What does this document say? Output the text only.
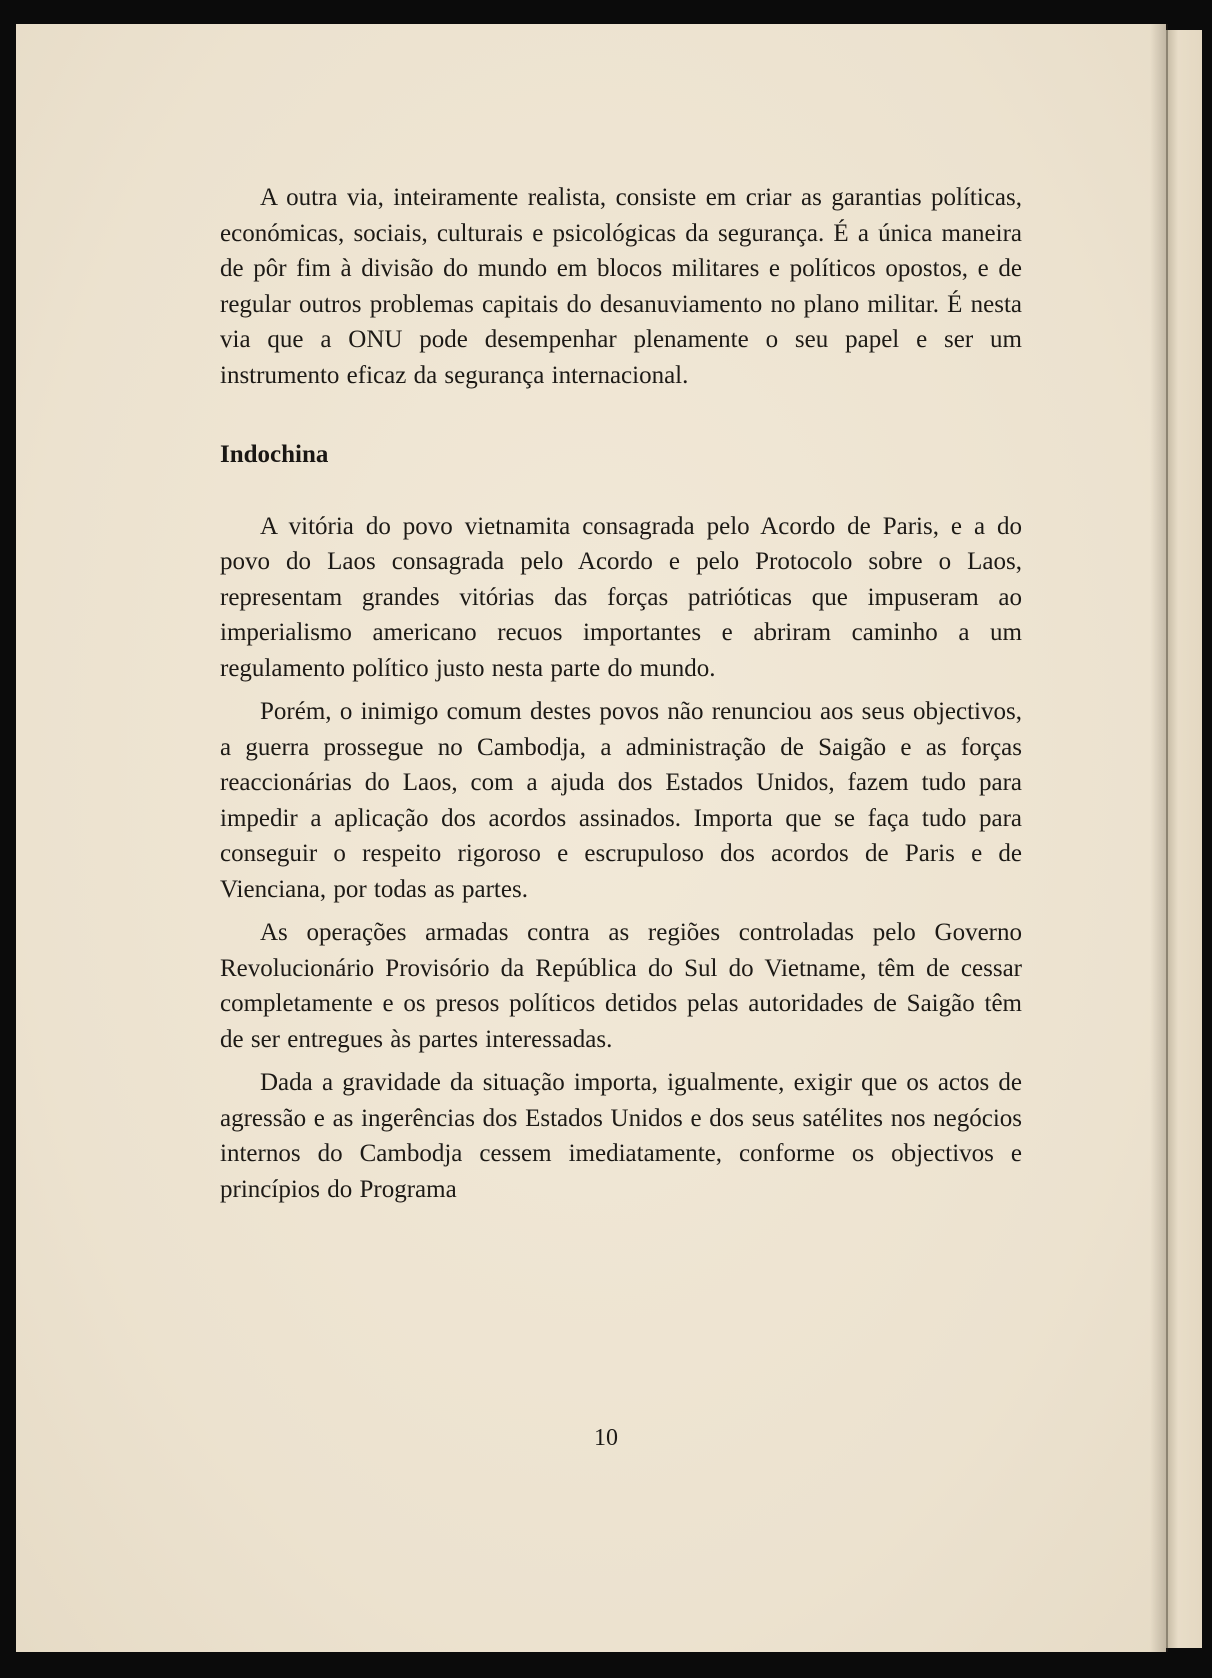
A outra via, inteiramente realista, consiste em criar as garantias políticas, económicas, sociais, culturais e psicológicas da segurança. É a única maneira de pôr fim à divisão do mundo em blocos militares e políticos opostos, e de regular outros problemas capitais do desanuviamento no plano militar. É nesta via que a ONU pode desempenhar plenamente o seu papel e ser um instrumento eficaz da segurança internacional.

Indochina

A vitória do povo vietnamita consagrada pelo Acordo de Paris, e a do povo do Laos consagrada pelo Acordo e pelo Protocolo sobre o Laos, representam grandes vitórias das forças patrióticas que impuseram ao imperialismo americano recuos importantes e abriram caminho a um regulamento político justo nesta parte do mundo.

Porém, o inimigo comum destes povos não renunciou aos seus objectivos, a guerra prossegue no Cambodja, a administração de Saigão e as forças reaccionárias do Laos, com a ajuda dos Estados Unidos, fazem tudo para impedir a aplicação dos acordos assinados. Importa que se faça tudo para conseguir o respeito rigoroso e escrupuloso dos acordos de Paris e de Vienciana, por todas as partes.

As operações armadas contra as regiões controladas pelo Governo Revolucionário Provisório da República do Sul do Vietname, têm de cessar completamente e os presos políticos detidos pelas autoridades de Saigão têm de ser entregues às partes interessadas.

Dada a gravidade da situação importa, igualmente, exigir que os actos de agressão e as ingerências dos Estados Unidos e dos seus satélites nos negócios internos do Cambodja cessem imediatamente, conforme os objectivos e princípios do Programa

10
